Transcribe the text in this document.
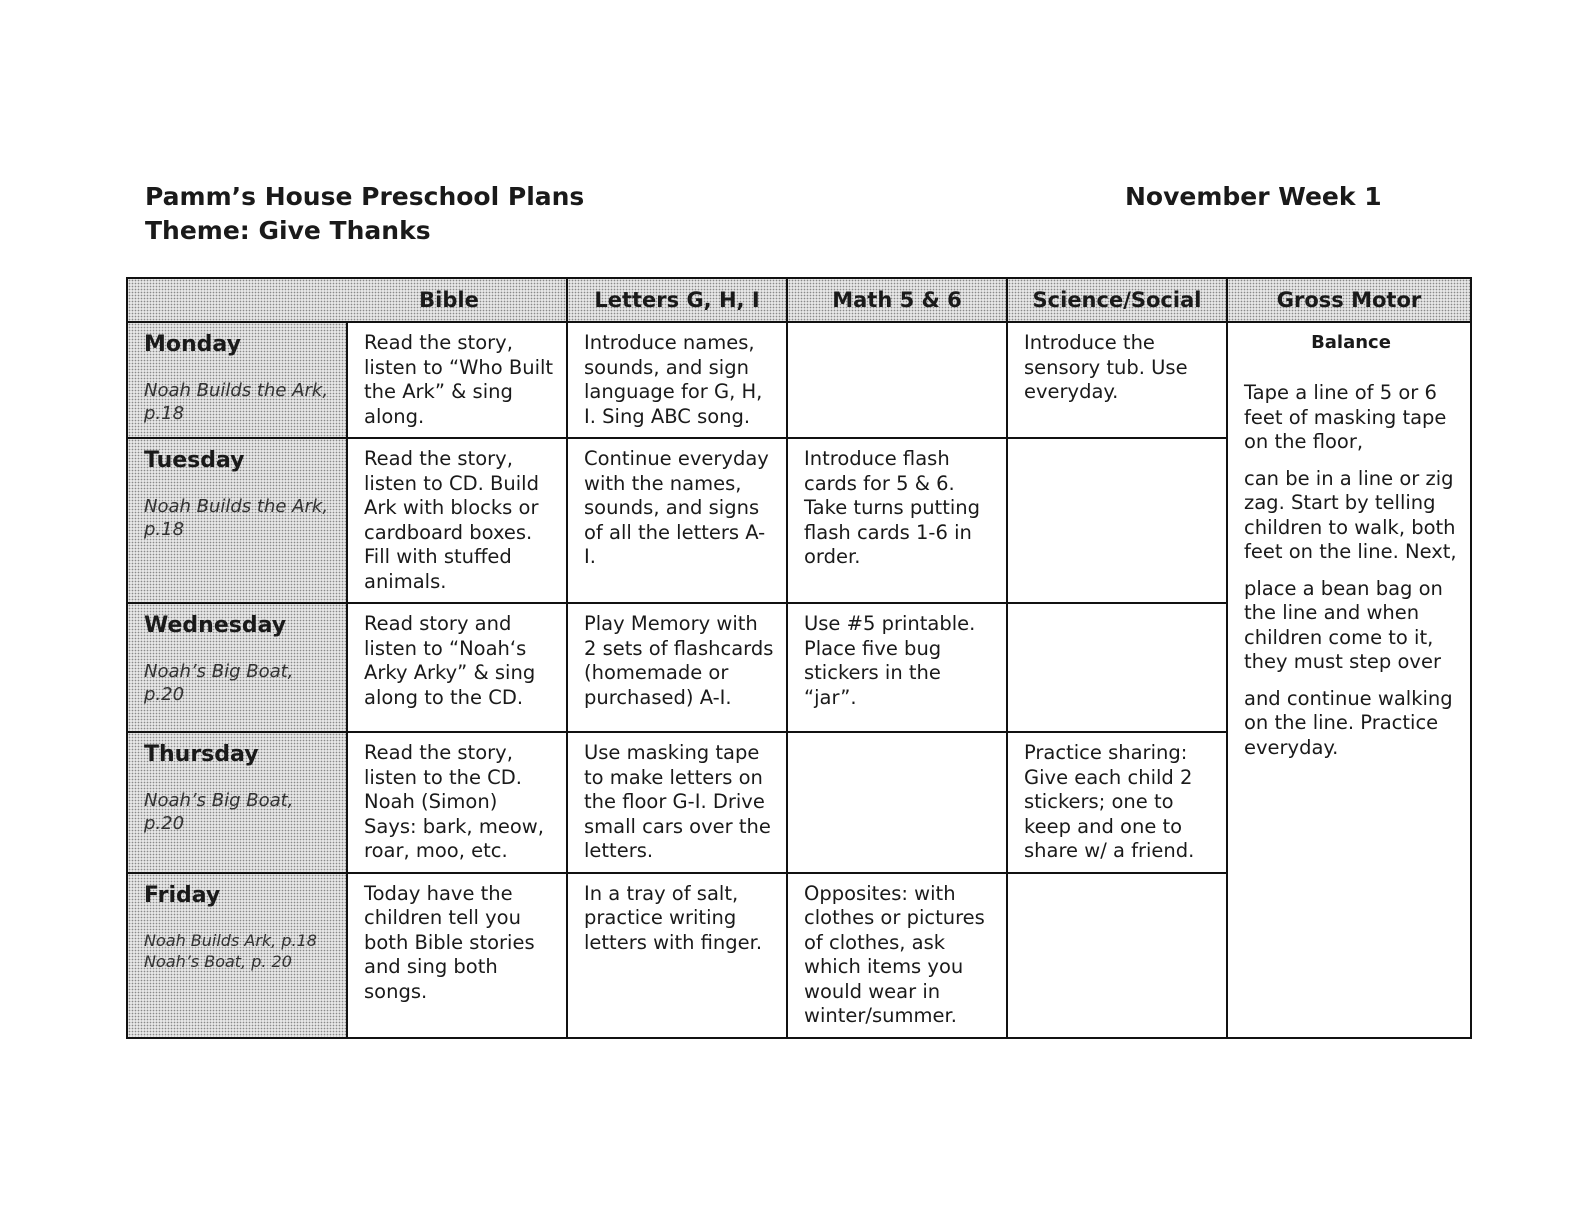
Pamm’s House Preschool Plans
Theme: Give Thanks
November Week 1
Bible		Letters G, H, I	Math 5 & 6	Science/Social	Gross Motor

Monday
Noah Builds the Ark, p.18	Read the story, listen to “Who Built the Ark” & sing along.	Introduce names, sounds, and sign language for G, H, I. Sing ABC song.		Introduce the sensory tub. Use everyday.	Balance
Tape a line of 5 or 6 feet of masking tape on the floor,
can be in a line or zig zag. Start by telling children to walk, both feet on the line. Next,
place a bean bag on the line and when children come to it, they must step over
and continue walking on the line. Practice everyday.

Tuesday
Noah Builds the Ark, p.18	Read the story, listen to CD. Build Ark with blocks or cardboard boxes. Fill with stuffed animals.	Continue everyday with the names, sounds, and signs of all the letters A-I.	Introduce flash cards for 5 & 6. Take turns putting flash cards 1-6 in order.		

Wednesday
Noah’s Big Boat, p.20	Read story and listen to “Noah‘s Arky Arky” & sing along to the CD.	Play Memory with 2 sets of flashcards (homemade or purchased) A-I.	Use #5 printable. Place five bug stickers in the “jar”.		

Thursday
Noah’s Big Boat, p.20	Read the story, listen to the CD. Noah (Simon) Says: bark, meow, roar, moo, etc.	Use masking tape to make letters on the floor G-I. Drive small cars over the letters.		Practice sharing: Give each child 2 stickers; one to keep and one to share w/ a friend.	

Friday
Noah Builds Ark, p.18
Noah’s Boat, p. 20	Today have the children tell you both Bible stories and sing both songs.	In a tray of salt, practice writing letters with finger.	Opposites: with clothes or pictures of clothes, ask which items you would wear in winter/summer.		
